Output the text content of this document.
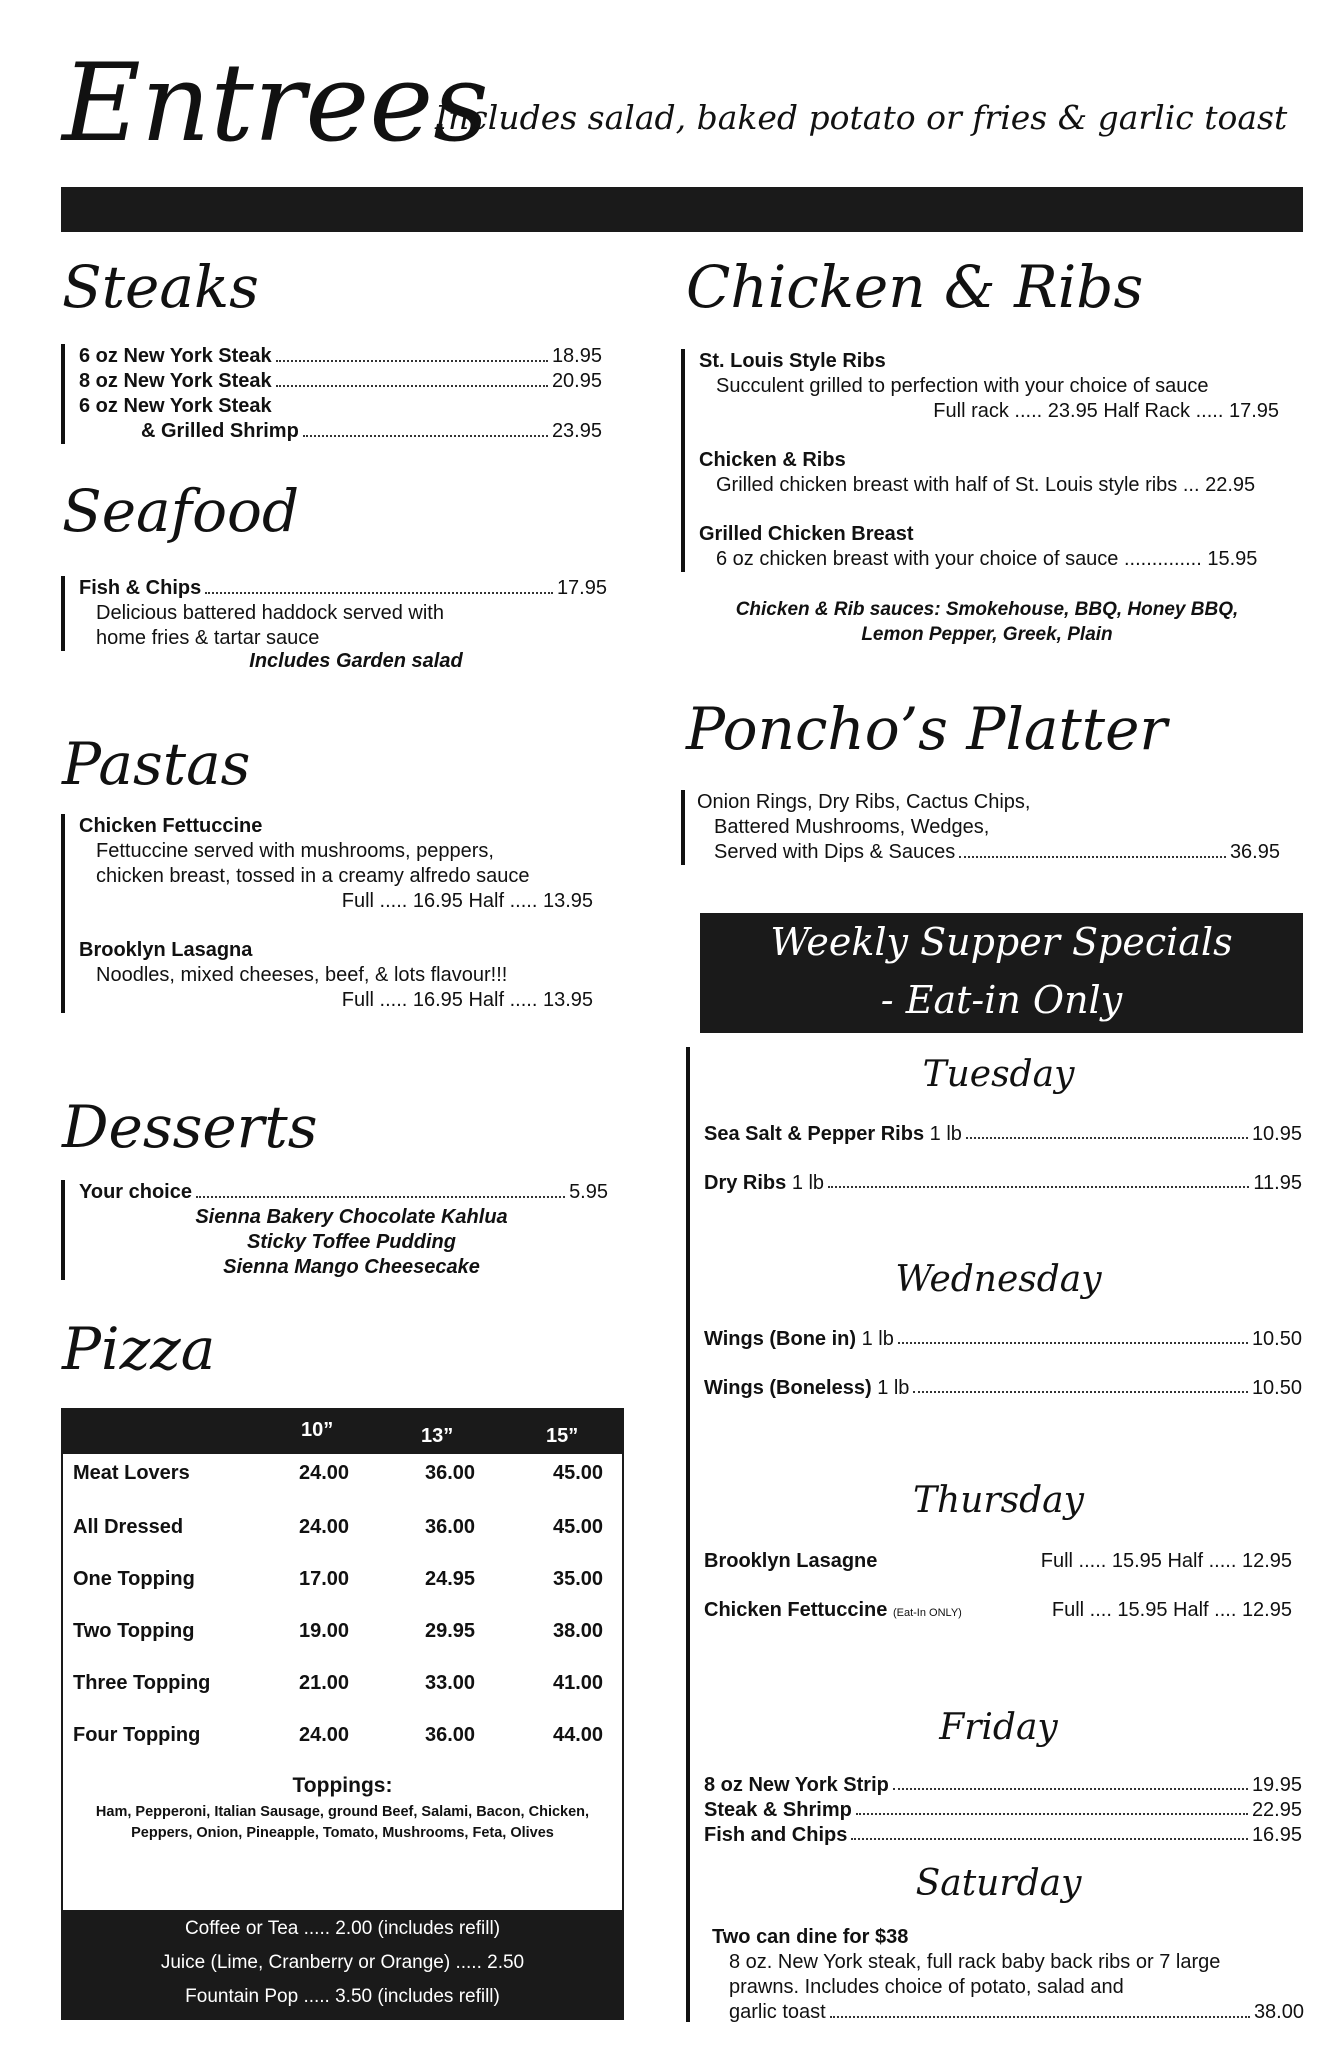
Entrees
Includes salad, baked potato or fries & garlic toast
Steaks
6 oz New York Steak	18.95
8 oz New York Steak	20.95
6 oz New York Steak
& Grilled Shrimp	23.95
Seafood
Fish & Chips	17.95
Delicious battered haddock served with
home fries & tartar sauce
Includes Garden salad
Pastas
Chicken Fettuccine
Fettuccine served with mushrooms, peppers,
chicken breast, tossed in a creamy alfredo sauce
Full ..... 16.95 Half ..... 13.95
Brooklyn Lasagna
Noodles, mixed cheeses, beef, & lots flavour!!!
Full ..... 16.95 Half ..... 13.95
Desserts
Your choice	5.95
Sienna Bakery Chocolate Kahlua
Sticky Toffee Pudding
Sienna Mango Cheesecake
Pizza
10”	13”	15”
Meat Lovers	24.00	36.00	45.00
All Dressed	24.00	36.00	45.00
One Topping	17.00	24.95	35.00
Two Topping	19.00	29.95	38.00
Three Topping	21.00	33.00	41.00
Four Topping	24.00	36.00	44.00
Toppings:
Ham, Pepperoni, Italian Sausage, ground Beef, Salami, Bacon, Chicken, Peppers, Onion, Pineapple, Tomato, Mushrooms, Feta, Olives
Coffee or Tea ..... 2.00 (includes refill)
Juice (Lime, Cranberry or Orange) ..... 2.50
Fountain Pop ..... 3.50 (includes refill)
Chicken & Ribs
St. Louis Style Ribs
Succulent grilled to perfection with your choice of sauce
Full rack ..... 23.95 Half Rack ..... 17.95
Chicken & Ribs
Grilled chicken breast with half of St. Louis style ribs ... 22.95
Grilled Chicken Breast
6 oz chicken breast with your choice of sauce .............. 15.95
Chicken & Rib sauces: Smokehouse, BBQ, Honey BBQ,
Lemon Pepper, Greek, Plain
Poncho’s Platter
Onion Rings, Dry Ribs, Cactus Chips,
Battered Mushrooms, Wedges,
Served with Dips & Sauces	36.95
Weekly Supper Specials
- Eat-in Only
Tuesday
Sea Salt & Pepper Ribs 1 lb	10.95
Dry Ribs 1 lb	11.95
Wednesday
Wings (Bone in) 1 lb	10.50
Wings (Boneless) 1 lb	10.50
Thursday
Brooklyn Lasagne	Full ..... 15.95 Half ..... 12.95
Chicken Fettuccine (Eat-In ONLY)	Full .... 15.95 Half .... 12.95
Friday
8 oz New York Strip	19.95
Steak & Shrimp	22.95
Fish and Chips	16.95
Saturday
Two can dine for $38
8 oz. New York steak, full rack baby back ribs or 7 large
prawns. Includes choice of potato, salad and
garlic toast	38.00
